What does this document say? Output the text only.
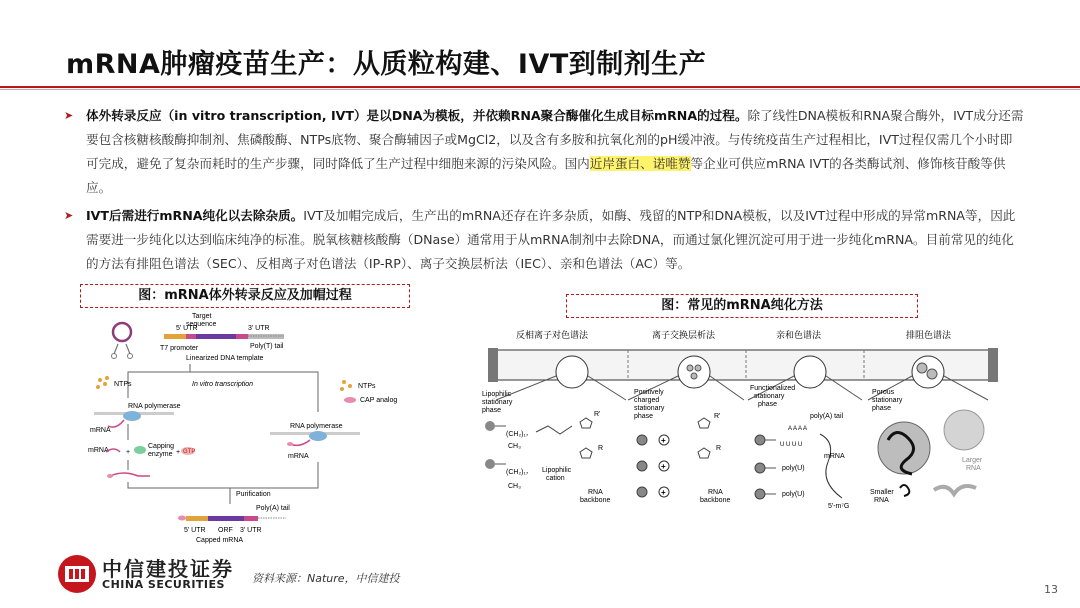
mRNA肿瘤疫苗生产：从质粒构建、IVT到制剂生产
➤ 体外转录反应（in vitro transcription, IVT）是以DNA为模板，并依赖RNA聚合酶催化生成目标mRNA的过程。除了线性DNA模板和RNA聚合酶外，IVT成分还需要包含核糖核酸酶抑制剂、焦磷酸酶、NTPs底物、聚合酶辅因子或MgCl2，以及含有多胺和抗氧化剂的pH缓冲液。与传统疫苗生产过程相比，IVT过程仅需几个小时即可完成，避免了复杂而耗时的生产步骤，同时降低了生产过程中细胞来源的污染风险。国内近岸蛋白、诺唯赞等企业可供应mRNA IVT的各类酶试剂、修饰核苷酸等供应。
➤ IVT后需进行mRNA纯化以去除杂质。IVT及加帽完成后，生产出的mRNA还存在许多杂质，如酶、残留的NTP和DNA模板，以及IVT过程中形成的异常mRNA等，因此需要进一步纯化以达到临床纯净的标准。脱氧核糖核酸酶（DNase）通常用于从mRNA制剂中去除DNA，而通过氯化锂沉淀可用于进一步纯化mRNA。目前常见的纯化的方法有排阻色谱法（SEC）、反相离子对色谱法（IP-RP）、离子交换层析法（IEC）、亲和色谱法（AC）等。
图：mRNA体外转录反应及加帽过程
图：常见的mRNA纯化方法
Target
sequence
5' UTR	3' UTR
T7 promoter	Poly(T) tail
Linearized DNA template
In vitro transcription
NTPs	NTPs
CAP analog
RNA polymerase
mRNA
mRNA +
Capping
enzyme + GTP
RNA polymerase
mRNA
Purification
Poly(A) tail
5' UTR ORF 3' UTR
Capped mRNA
反相离子对色谱法	离子交换层析法	亲和色谱法	排阻色谱法
Lipophilic
stationary
phase
(CH₂)₁₇
CH₃
(CH₂)₁₇
CH₃
Lipophilic
cation
R'
R
RNA
backbone
Positively
charged
stationary
phase
+
+
+
R'
R
RNA
backbone
Functionalized
stationary
phase
U U U U
A A A A
poly(A) tail
mRNA
poly(U)
poly(U)
5'-m⁷G
Porous
stationary
phase
Larger
RNA
Smaller
RNA
资料来源：Nature，中信建投
中信建投证券
CHINA SECURITIES	13
